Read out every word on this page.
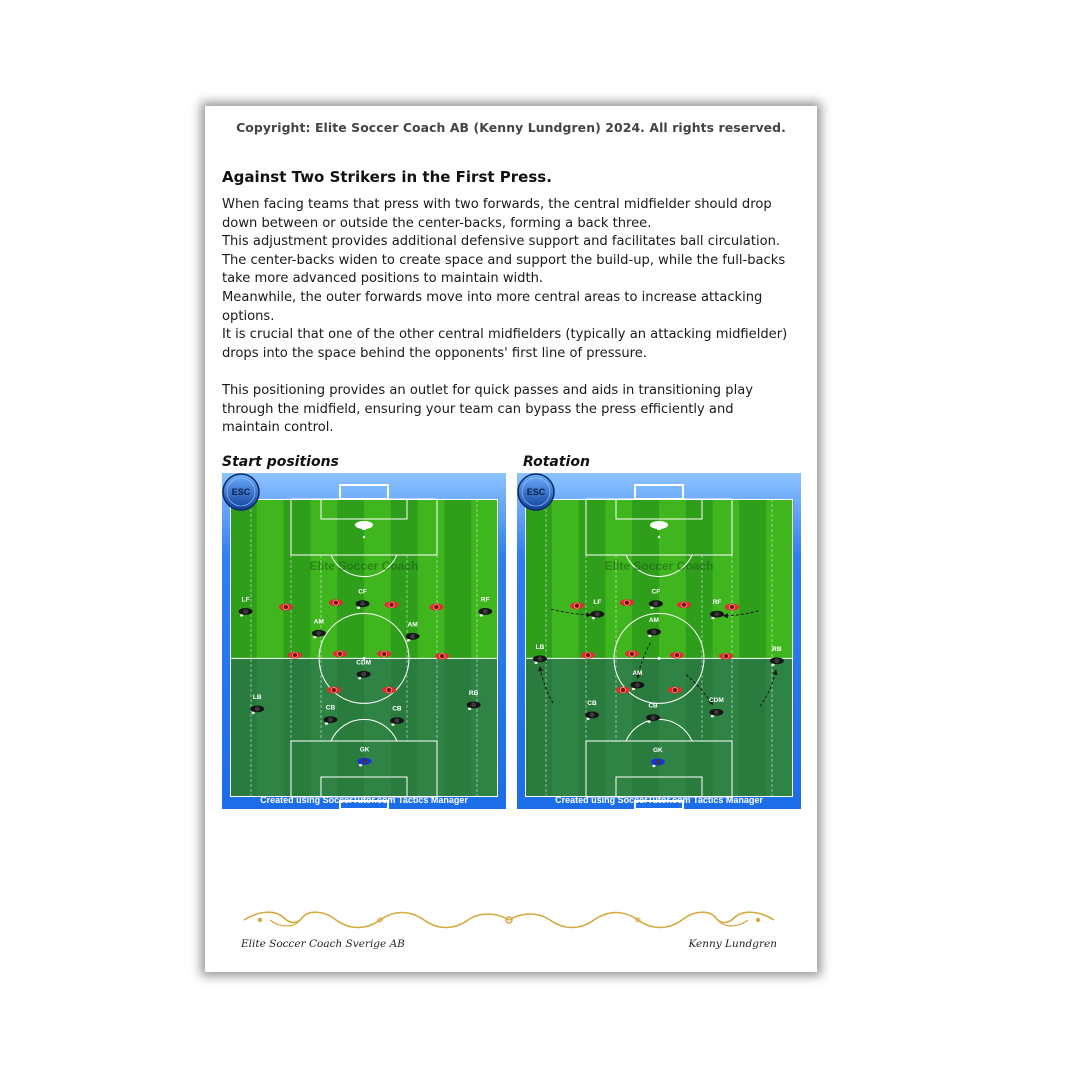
Copyright: Elite Soccer Coach AB (Kenny Lundgren) 2024. All rights reserved.
Against Two Strikers in the First Press.

When facing teams that press with two forwards, the central midfielder should drop down between or outside the center-backs, forming a back three.

This adjustment provides additional defensive support and facilitates ball circulation.

The center-backs widen to create space and support the build-up, while the full-backs take more advanced positions to maintain width.

Meanwhile, the outer forwards move into more central areas to increase attacking options.

It is crucial that one of the other central midfielders (typically an attacking midfielder) drops into the space behind the opponents' first line of pressure.

This positioning provides an outlet for quick passes and aids in transitioning play through the midfield, ensuring your team can bypass the press efficiently and maintain control.

Start positions	Rotation
Elite Soccer Coach
LF	RF
CF
AM	AM
CDM
LB
RB
CB	CB
GK
ESC
Created using SoccerTutor.com Tactics Manager
Elite Soccer Coach
LF
CF
RF
AM
LB	RB
AM
CDM
CB	CB
GK
ESC
Created using SoccerTutor.com Tactics Manager
Elite Soccer Coach Sverige AB	Kenny Lundgren
